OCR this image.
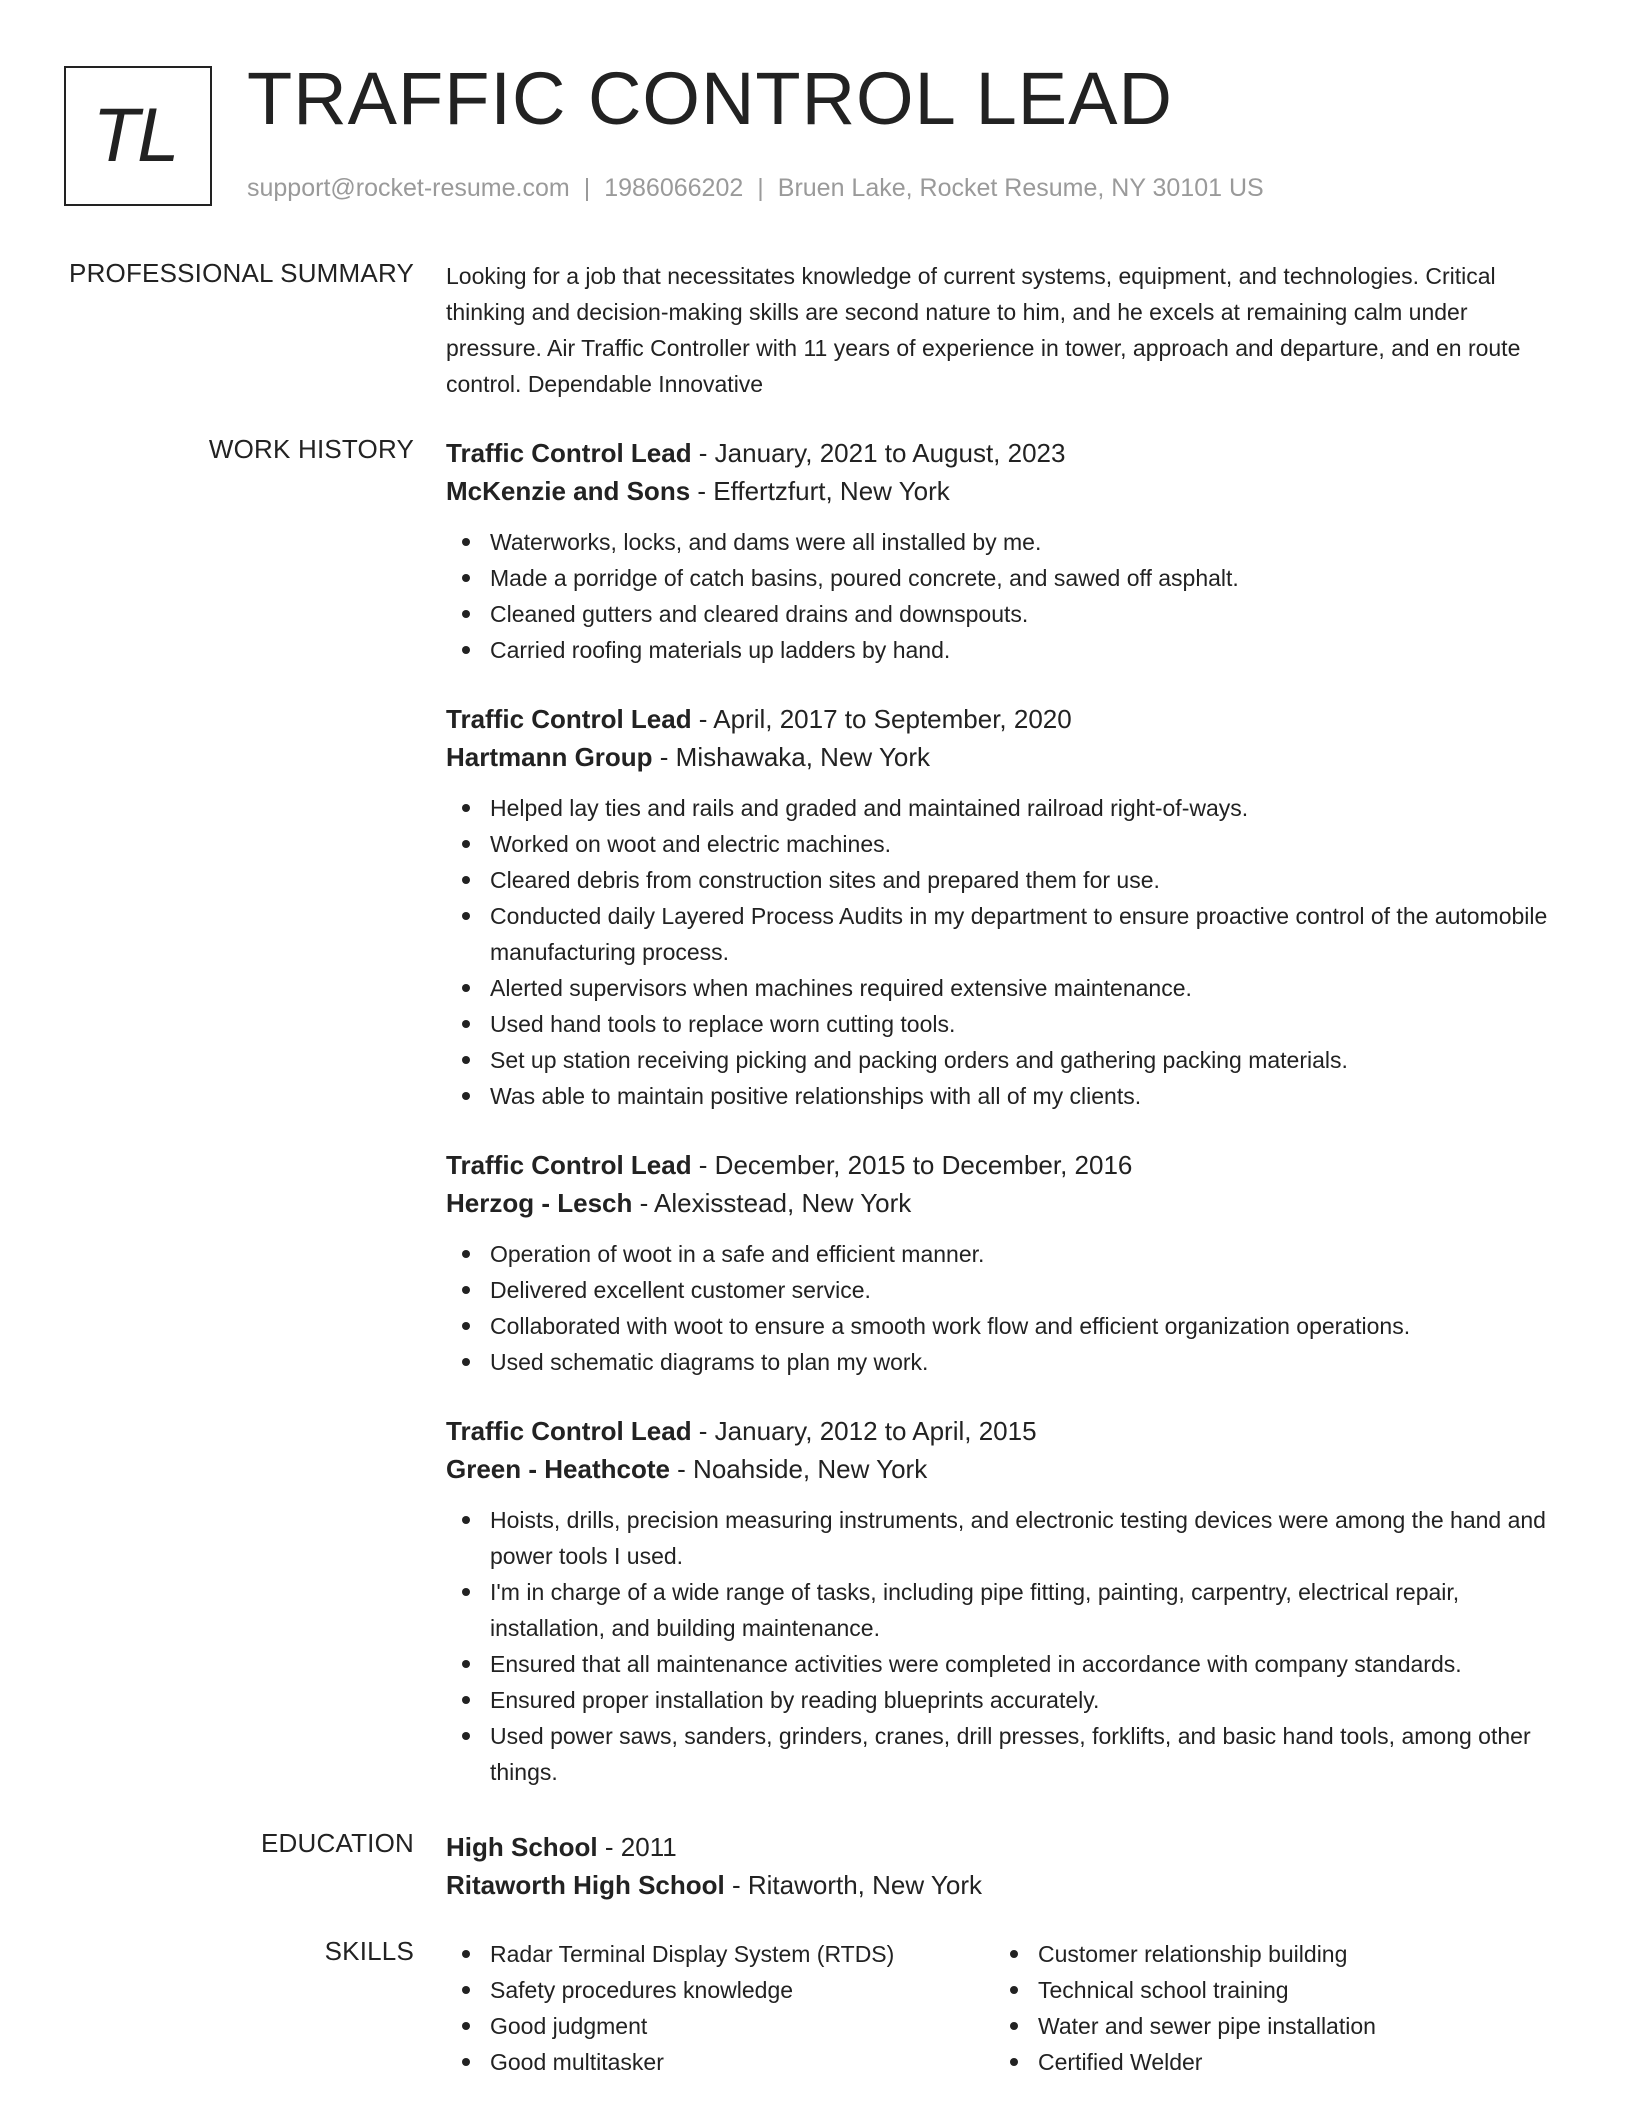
TL TRAFFIC CONTROL LEAD
support@rocket-resume.com | 1986066202 | Bruen Lake, Rocket Resume, NY 30101 US
PROFESSIONAL SUMMARY Looking for a job that necessitates knowledge of current systems, equipment, and technologies. Critical thinking and decision-making skills are second nature to him, and he excels at remaining calm under pressure. Air Traffic Controller with 11 years of experience in tower, approach and departure, and en route control. Dependable Innovative

WORK HISTORY Traffic Control Lead - January, 2021 to August, 2023
McKenzie and Sons - Effertzfurt, New York
Waterworks, locks, and dams were all installed by me.
Made a porridge of catch basins, poured concrete, and sawed off asphalt.
Cleaned gutters and cleared drains and downspouts.
Carried roofing materials up ladders by hand.
Traffic Control Lead - April, 2017 to September, 2020
Hartmann Group - Mishawaka, New York
Helped lay ties and rails and graded and maintained railroad right-of-ways.
Worked on woot and electric machines.
Cleared debris from construction sites and prepared them for use.
Conducted daily Layered Process Audits in my department to ensure proactive control of the automobile manufacturing process.
Alerted supervisors when machines required extensive maintenance.
Used hand tools to replace worn cutting tools.
Set up station receiving picking and packing orders and gathering packing materials.
Was able to maintain positive relationships with all of my clients.
Traffic Control Lead - December, 2015 to December, 2016
Herzog - Lesch - Alexisstead, New York
Operation of woot in a safe and efficient manner.
Delivered excellent customer service.
Collaborated with woot to ensure a smooth work flow and efficient organization operations.
Used schematic diagrams to plan my work.
Traffic Control Lead - January, 2012 to April, 2015
Green - Heathcote - Noahside, New York
Hoists, drills, precision measuring instruments, and electronic testing devices were among the hand and power tools I used.
I'm in charge of a wide range of tasks, including pipe fitting, painting, carpentry, electrical repair, installation, and building maintenance.
Ensured that all maintenance activities were completed in accordance with company standards.
Ensured proper installation by reading blueprints accurately.
Used power saws, sanders, grinders, cranes, drill presses, forklifts, and basic hand tools, among other things.
EDUCATION High School - 2011
Ritaworth High School - Ritaworth, New York
SKILLS	Radar Terminal Display System (RTDS)
Safety procedures knowledge
Good judgment
Good multitasker
Customer relationship building
Technical school training
Water and sewer pipe installation
Certified Welder
